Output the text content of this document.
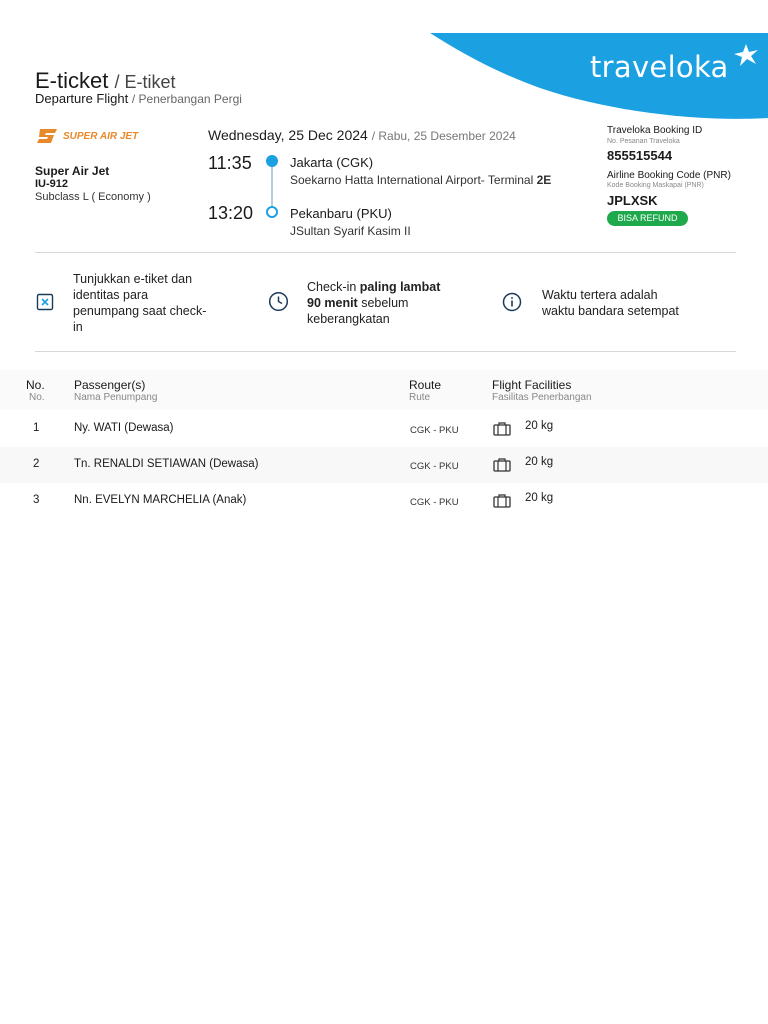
traveloka
E-ticket / E-tiket
Departure Flight / Penerbangan Pergi
SUPER AIR JET
Super Air Jet
IU-912
Subclass L ( Economy )
Wednesday, 25 Dec 2024 / Rabu, 25 Desember 2024
11:35	Jakarta (CGK)
Soekarno Hatta International Airport- Terminal 2E
13:20	Pekanbaru (PKU)
JSultan Syarif Kasim II
Traveloka Booking ID
No. Pesanan Traveloka
855515544
Airline Booking Code (PNR)
Kode Booking Maskapai (PNR)
JPLXSK
BISA REFUND
Tunjukkan e-tiket dan
identitas para
penumpang saat check-
in
Check-in paling lambat
90 menit sebelum
keberangkatan
Waktu tertera adalah
waktu bandara setempat
No.
No.
Passenger(s)
Nama Penumpang
Route
Rute
Flight Facilities
Fasilitas Penerbangan
1	Ny. WATI (Dewasa)	CGK - PKU	20 kg
2	Tn. RENALDI SETIAWAN (Dewasa)	CGK - PKU	20 kg
3	Nn. EVELYN MARCHELIA (Anak)	CGK - PKU	20 kg
